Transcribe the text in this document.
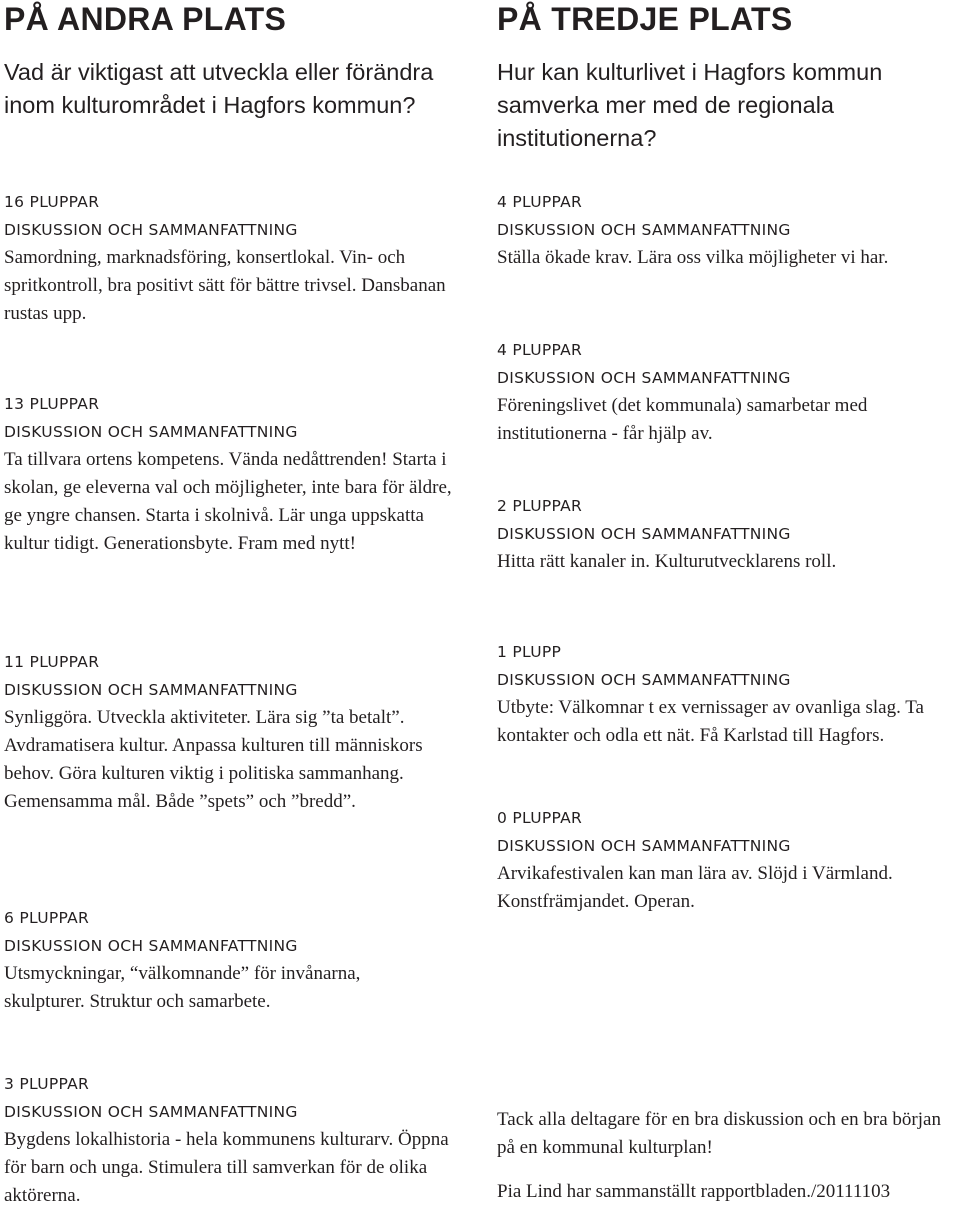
PÅ ANDRA PLATS

Vad är viktigast att utveckla eller förändra inom kulturområdet i Hagfors kommun?

16 PLUPPAR

DISKUSSION OCH SAMMANFATTNING

Samordning, marknadsföring, konsertlokal. Vin- och spritkontroll, bra positivt sätt för bättre trivsel. Dansbanan rustas upp.

13 PLUPPAR

DISKUSSION OCH SAMMANFATTNING

Ta tillvara ortens kompetens. Vända nedåttrenden! Starta i skolan, ge eleverna val och möjligheter, inte bara för äldre, ge yngre chansen. Starta i skolnivå. Lär unga uppskatta kultur tidigt. Generationsbyte. Fram med nytt!

11 PLUPPAR

DISKUSSION OCH SAMMANFATTNING

Synliggöra. Utveckla aktiviteter. Lära sig ”ta betalt”. Avdramatisera kultur. Anpassa kulturen till människors behov. Göra kulturen viktig i politiska sammanhang. Gemensamma mål. Både ”spets” och ”bredd”.

6 PLUPPAR

DISKUSSION OCH SAMMANFATTNING

Utsmyckningar, “välkomnande” för invånarna, skulpturer. Struktur och samarbete.

3 PLUPPAR

DISKUSSION OCH SAMMANFATTNING

Bygdens lokalhistoria - hela kommunens kulturarv. Öppna för barn och unga. Stimulera till samverkan för de olika aktörerna.

PÅ TREDJE PLATS

Hur kan kulturlivet i Hagfors kommun samverka mer med de regionala institutionerna?

4 PLUPPAR

DISKUSSION OCH SAMMANFATTNING

Ställa ökade krav. Lära oss vilka möjligheter vi har.

4 PLUPPAR

DISKUSSION OCH SAMMANFATTNING

Föreningslivet (det kommunala) samarbetar med institutionerna - får hjälp av.

2 PLUPPAR

DISKUSSION OCH SAMMANFATTNING

Hitta rätt kanaler in. Kulturutvecklarens roll.

1 PLUPP

DISKUSSION OCH SAMMANFATTNING

Utbyte: Välkomnar t ex vernissager av ovanliga slag. Ta kontakter och odla ett nät. Få Karlstad till Hagfors.

0 PLUPPAR

DISKUSSION OCH SAMMANFATTNING

Arvikafestivalen kan man lära av. Slöjd i Värmland. Konstfrämjandet. Operan.

Tack alla deltagare för en bra diskussion och en bra början på en kommunal kulturplan!

Pia Lind har sammanställt rapportbladen./20111103
